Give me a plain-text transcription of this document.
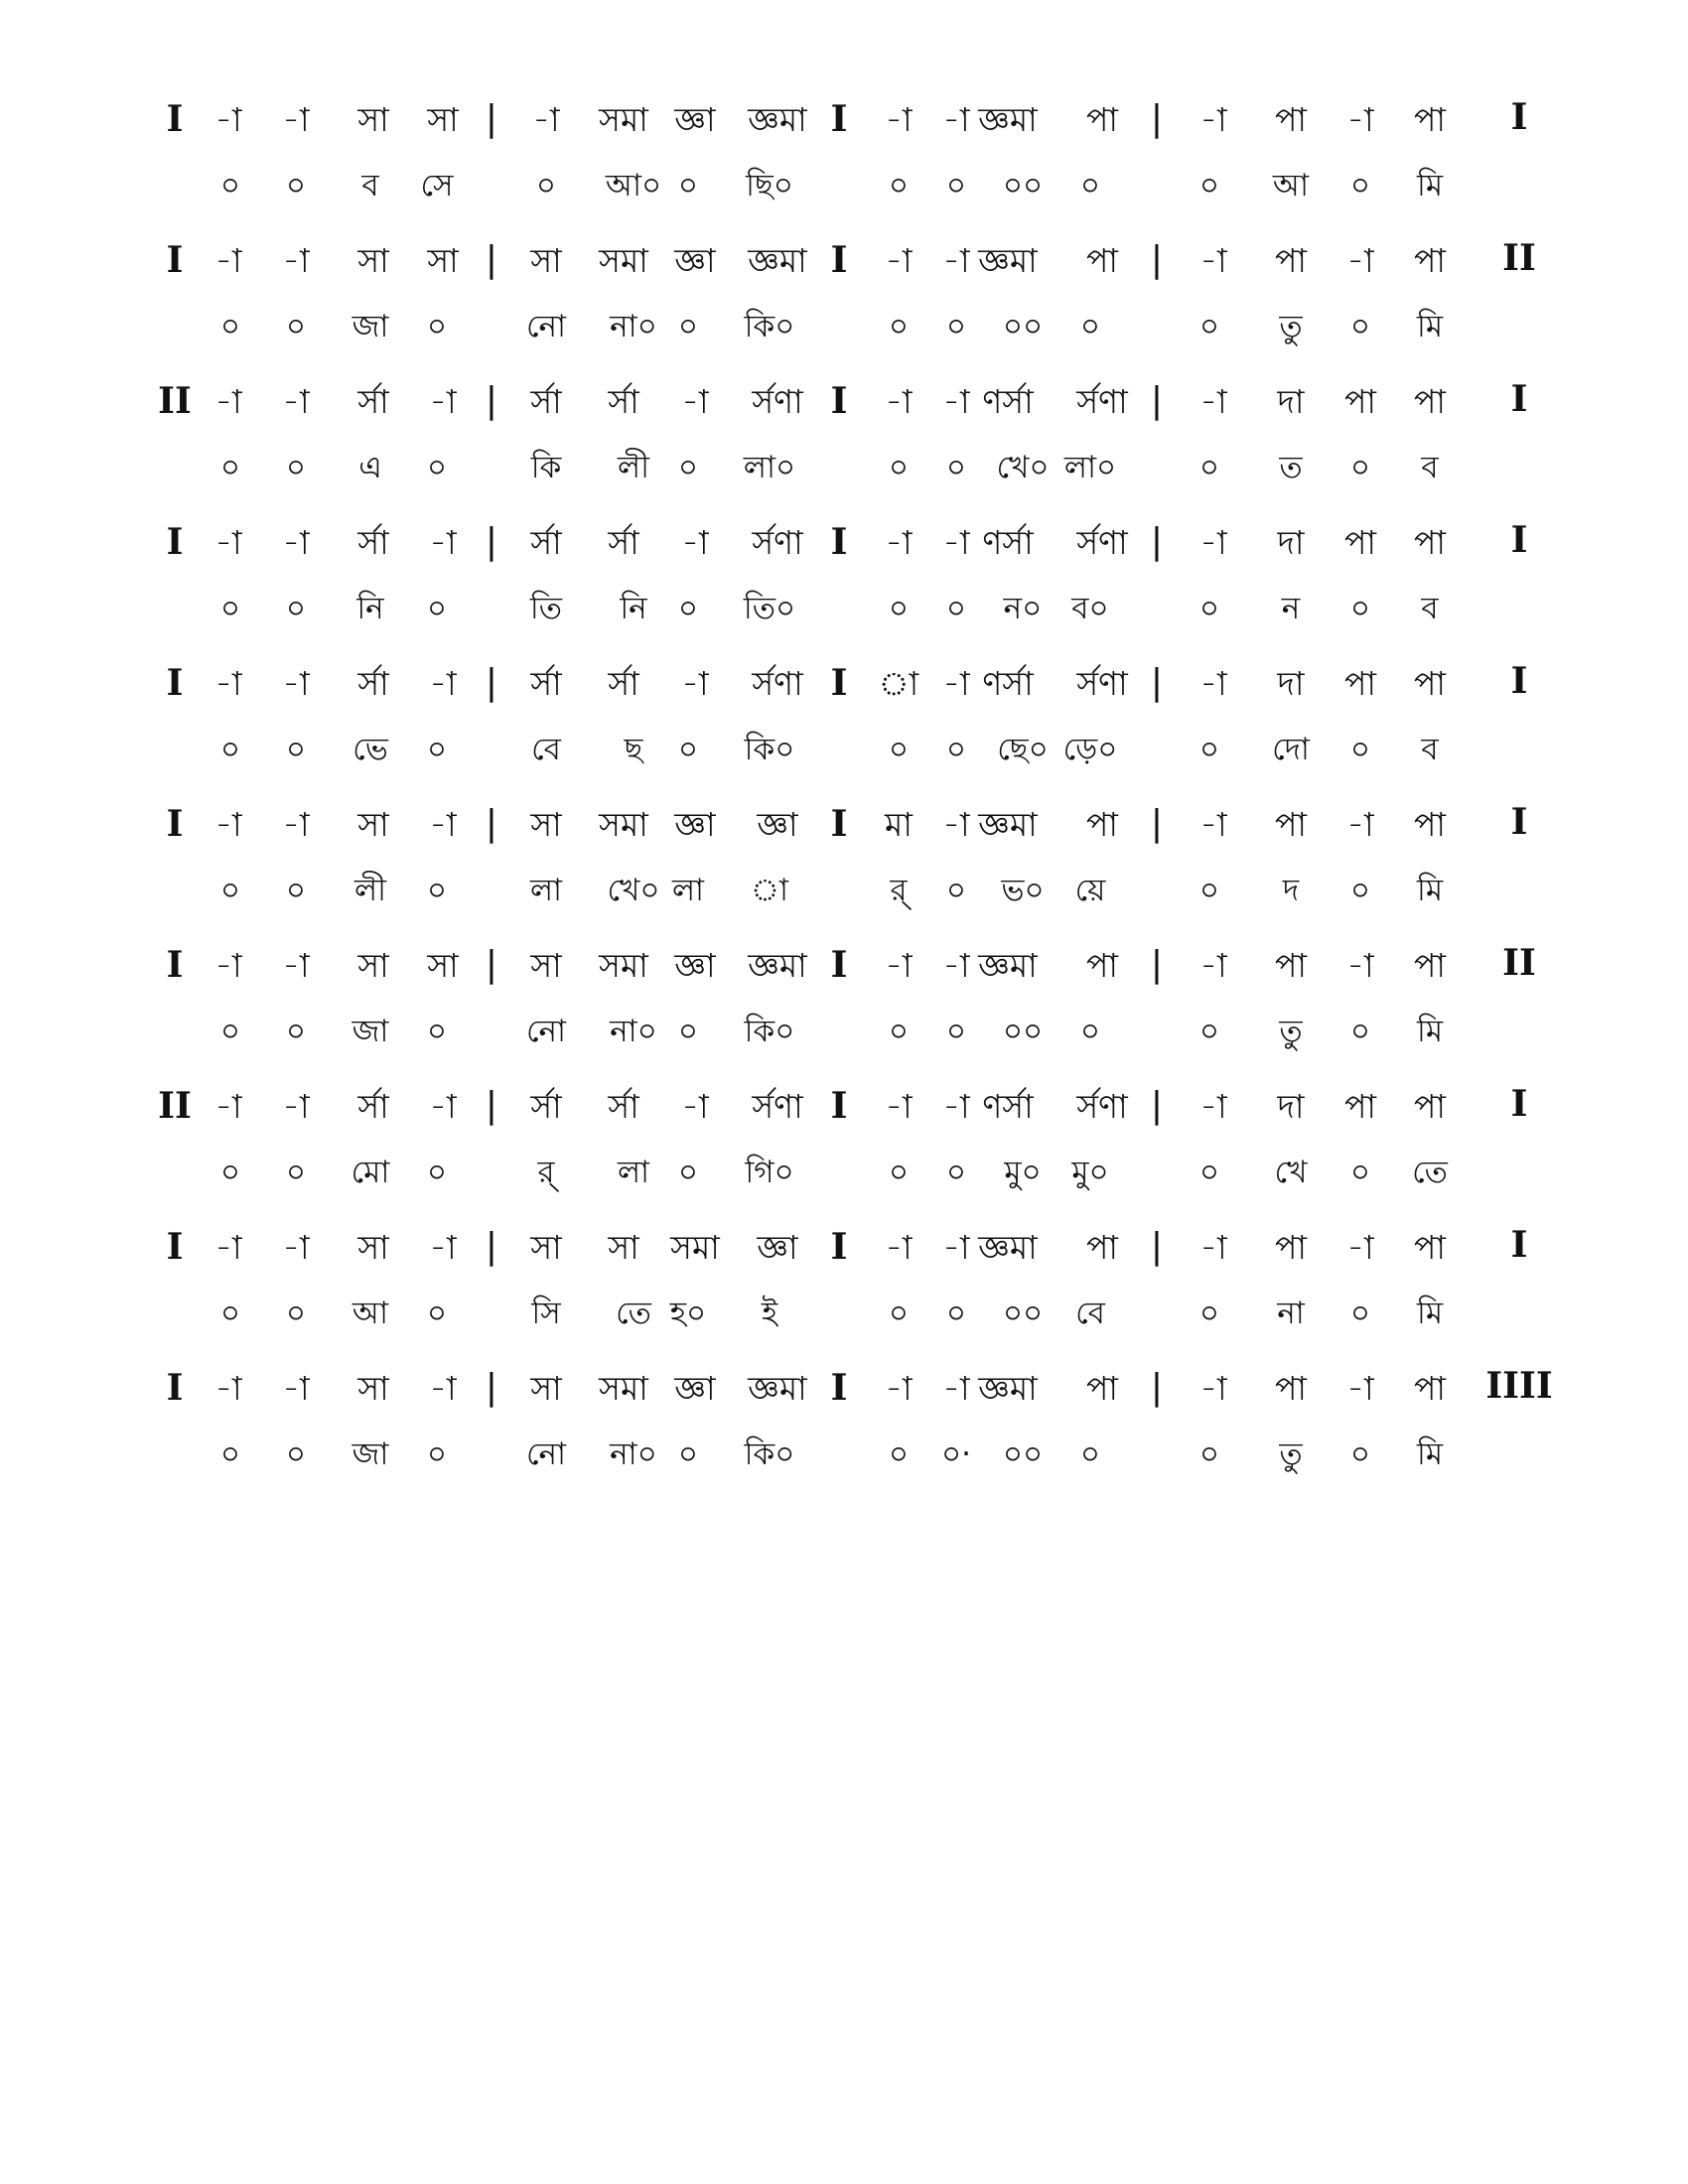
I -া -া সা সা | -া সমা জ্ঞা জ্ঞমা I -া -া জ্ঞমা পা | -া পা -া পা I
০ ০ ব সে	০ আ০ ০ ছি০	০ ০ ০০ ০	০ আ ০ মি
I -া -া সা সা | সা সমা জ্ঞা জ্ঞমা I -া -া জ্ঞমা পা | -া পা -া পা II
০ ০ জা ০	নো না০ ০ কি০	০ ০ ০০ ০	০ তু ০ মি
II -া -া র্সা -া | র্সা র্সা -া র্সণা I -া -া ণর্সা র্সণা | -া দা পা পা I
০ ০ এ ০	কি লী ০ লা০	০ ০ খে০ লা০	০ ত ০ ব
I -া -া র্সা -া | র্সা র্সা -া র্সণা I -া -া ণর্সা র্সণা | -া দা পা পা I
০ ০ নি ০	তি নি ০ তি০	০ ০ ন০ ব০	০ ন ০ ব
I -া -া র্সা -া | র্সা র্সা -া র্সণা I া -া ণর্সা র্সণা | -া দা পা পা I
০ ০ ভে ০	বে ছ ০ কি০	০ ০ ছে০ ড়ে০	০ দো ০ ব
I -া -া সা -া | সা সমা জ্ঞা জ্ঞা I মা -া জ্ঞমা পা | -া পা -া পা I
০ ০ লী ০	লা খে০ লা া	র্ ০ ভ০ য়ে	০ দ ০ মি
I -া -া সা সা | সা সমা জ্ঞা জ্ঞমা I -া -া জ্ঞমা পা | -া পা -া পা II
০ ০ জা ০	নো না০ ০ কি০	০ ০ ০০ ০	০ তু ০ মি
II -া -া র্সা -া | র্সা র্সা -া র্সণা I -া -া ণর্সা র্সণা | -া দা পা পা I
০ ০ মো ০	র্ লা ০ গি০	০ ০ মু০ মু০	০ খে ০ তে
I -া -া সা -া | সা সা সমা জ্ঞা I -া -া জ্ঞমা পা | -া পা -া পা I
০ ০ আ ০	সি তে হ০ ই	০ ০ ০০ বে	০ না ০ মি
I -া -া সা -া | সা সমা জ্ঞা জ্ঞমা I -া -া জ্ঞমা পা | -া পা -া পা IIII
০ ০ জা ০	নো না০ ০ কি০	০ ০· ০০ ০	০ তু ০ মি
